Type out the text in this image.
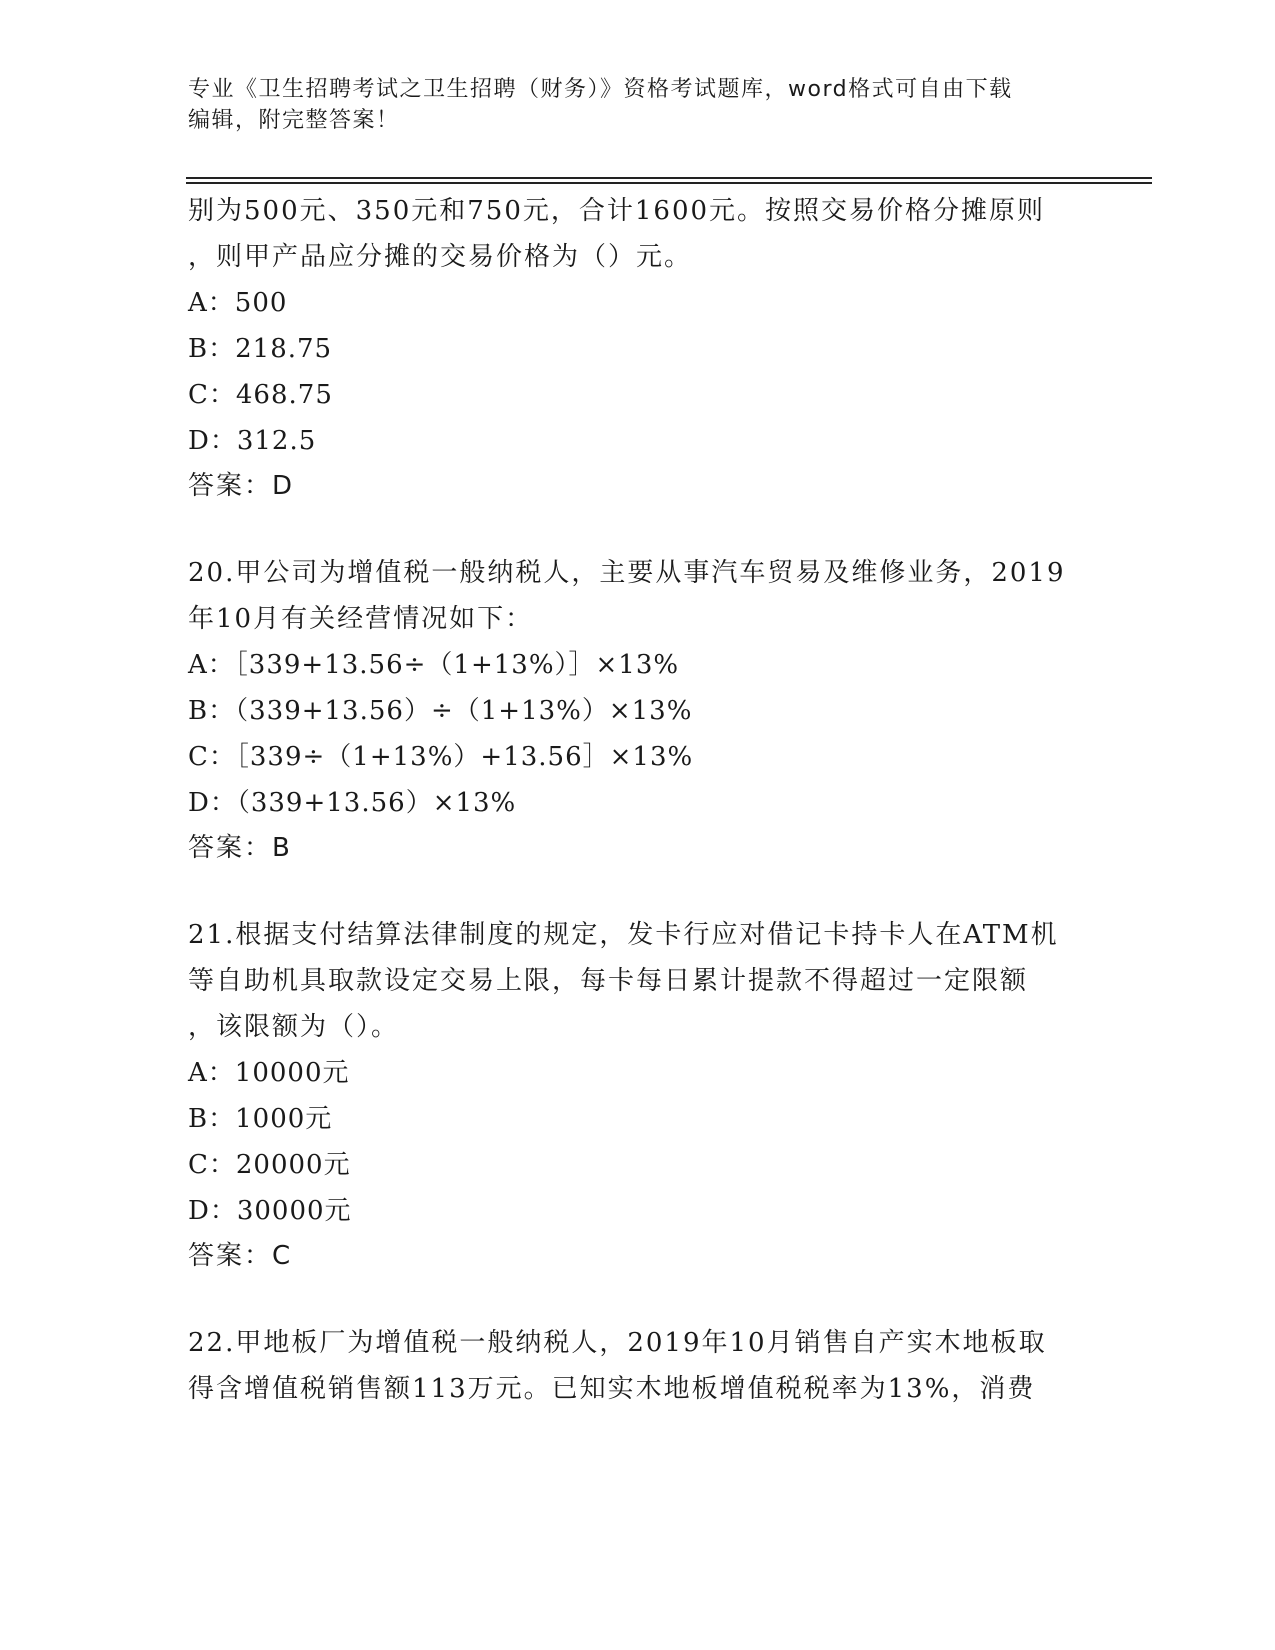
专业《卫生招聘考试之卫生招聘（财务）》资格考试题库，word格式可自由下载
编辑，附完整答案！
别为500元、350元和750元，合计1600元。按照交易价格分摊原则
，则甲产品应分摊的交易价格为（）元。
A：500
B：218.75
C：468.75
D：312.5
答案：D
20.甲公司为增值税一般纳税人，主要从事汽车贸易及维修业务，2019
年10月有关经营情况如下：
A：［339+13.56÷（1+13%）］×13%
B：（339+13.56）÷（1+13%）×13%
C：［339÷（1+13%）+13.56］×13%
D：（339+13.56）×13%
答案：B
21.根据支付结算法律制度的规定，发卡行应对借记卡持卡人在ATM机
等自助机具取款设定交易上限，每卡每日累计提款不得超过一定限额
，该限额为（）。
A：10000元
B：1000元
C：20000元
D：30000元
答案：C
22.甲地板厂为增值税一般纳税人，2019年10月销售自产实木地板取
得含增值税销售额113万元。已知实木地板增值税税率为13%，消费
